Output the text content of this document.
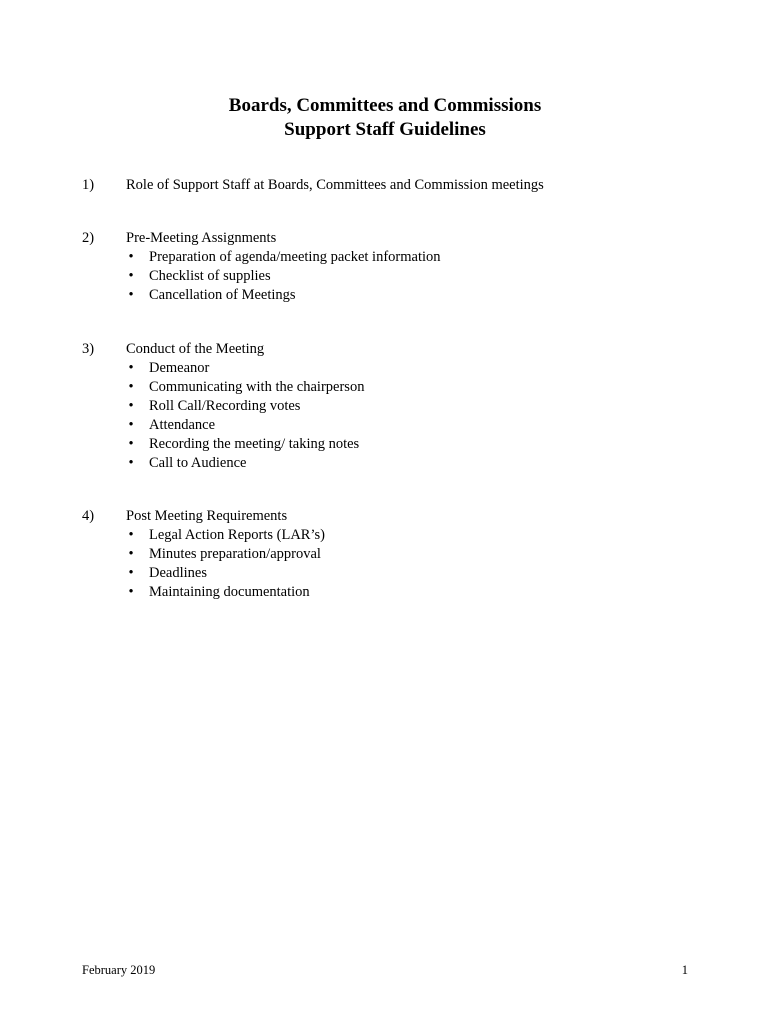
Boards, Committees and Commissions
Support Staff Guidelines
1) Role of Support Staff at Boards, Committees and Commission meetings
2) Pre-Meeting Assignments
• Preparation of agenda/meeting packet information
• Checklist of supplies
• Cancellation of Meetings
3) Conduct of the Meeting
• Demeanor
• Communicating with the chairperson
• Roll Call/Recording votes
• Attendance
• Recording the meeting/ taking notes
• Call to Audience
4) Post Meeting Requirements
• Legal Action Reports (LAR’s)
• Minutes preparation/approval
• Deadlines
• Maintaining documentation
February 2019	1
